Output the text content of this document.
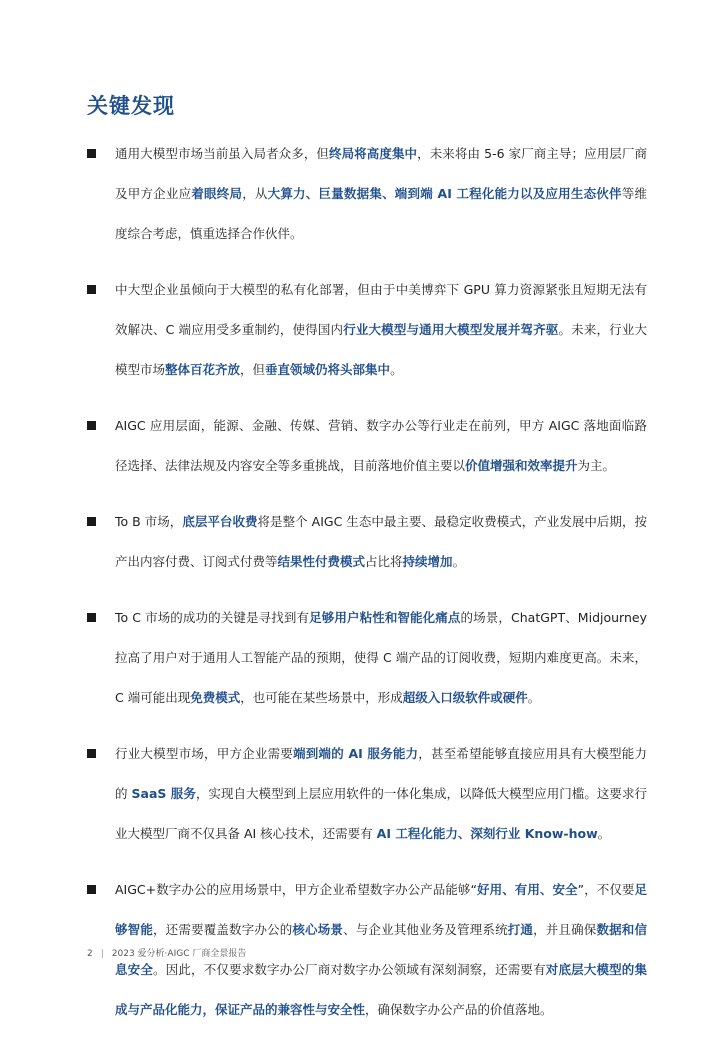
关键发现
通用大模型市场当前虽入局者众多，但终局将高度集中，未来将由 5-6 家厂商主导；应用层厂商及甲方企业应着眼终局，从大算力、巨量数据集、端到端 AI 工程化能力以及应用生态伙伴等维度综合考虑，慎重选择合作伙伴。
中大型企业虽倾向于大模型的私有化部署，但由于中美博弈下 GPU 算力资源紧张且短期无法有效解决、C 端应用受多重制约，使得国内行业大模型与通用大模型发展并驾齐驱。未来，行业大模型市场整体百花齐放，但垂直领域仍将头部集中。
AIGC 应用层面，能源、金融、传媒、营销、数字办公等行业走在前列，甲方 AIGC 落地面临路径选择、法律法规及内容安全等多重挑战，目前落地价值主要以价值增强和效率提升为主。
To B 市场，底层平台收费将是整个 AIGC 生态中最主要、最稳定收费模式，产业发展中后期，按产出内容付费、订阅式付费等结果性付费模式占比将持续增加。
To C 市场的成功的关键是寻找到有足够用户粘性和智能化痛点的场景，ChatGPT、Midjourney 拉高了用户对于通用人工智能产品的预期，使得 C 端产品的订阅收费，短期内难度更高。未来，C 端可能出现免费模式，也可能在某些场景中，形成超级入口级软件或硬件。
行业大模型市场，甲方企业需要端到端的 AI 服务能力，甚至希望能够直接应用具有大模型能力的 SaaS 服务，实现自大模型到上层应用软件的一体化集成，以降低大模型应用门槛。这要求行业大模型厂商不仅具备 AI 核心技术，还需要有 AI 工程化能力、深刻行业 Know-how。
AIGC+数字办公的应用场景中，甲方企业希望数字办公产品能够“好用、有用、安全”，不仅要足够智能，还需要覆盖数字办公的核心场景、与企业其他业务及管理系统打通，并且确保数据和信息安全。因此，不仅要求数字办公厂商对数字办公领域有深刻洞察，还需要有对底层大模型的集成与产品化能力，保证产品的兼容性与安全性，确保数字办公产品的价值落地。
2 | 2023 爱分析·AIGC 厂商全景报告
